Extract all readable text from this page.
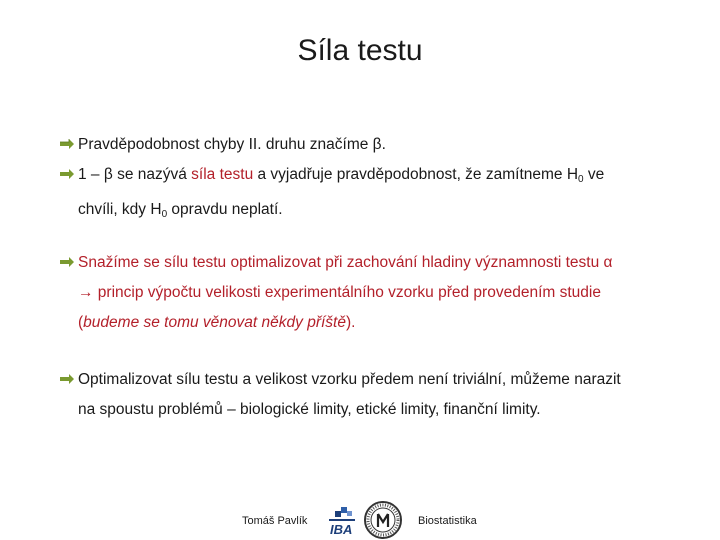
Síla testu
Pravděpodobnost chyby II. druhu značíme β.
1 – β se nazývá síla testu a vyjadřuje pravděpodobnost, že zamítneme $H_0$ ve
chvíli, kdy $H_0$ opravdu neplatí.
Snažíme se sílu testu optimalizovat při zachování hladiny významnosti testu α
→ princip výpočtu velikosti experimentálního vzorku před provedením studie
(budeme se tomu věnovat někdy příště).
Optimalizovat sílu testu a velikost vzorku předem není triviální, můžeme narazit
na spoustu problémů – biologické limity, etické limity, finanční limity.
Tomáš Pavlík
IBA
Biostatistika
